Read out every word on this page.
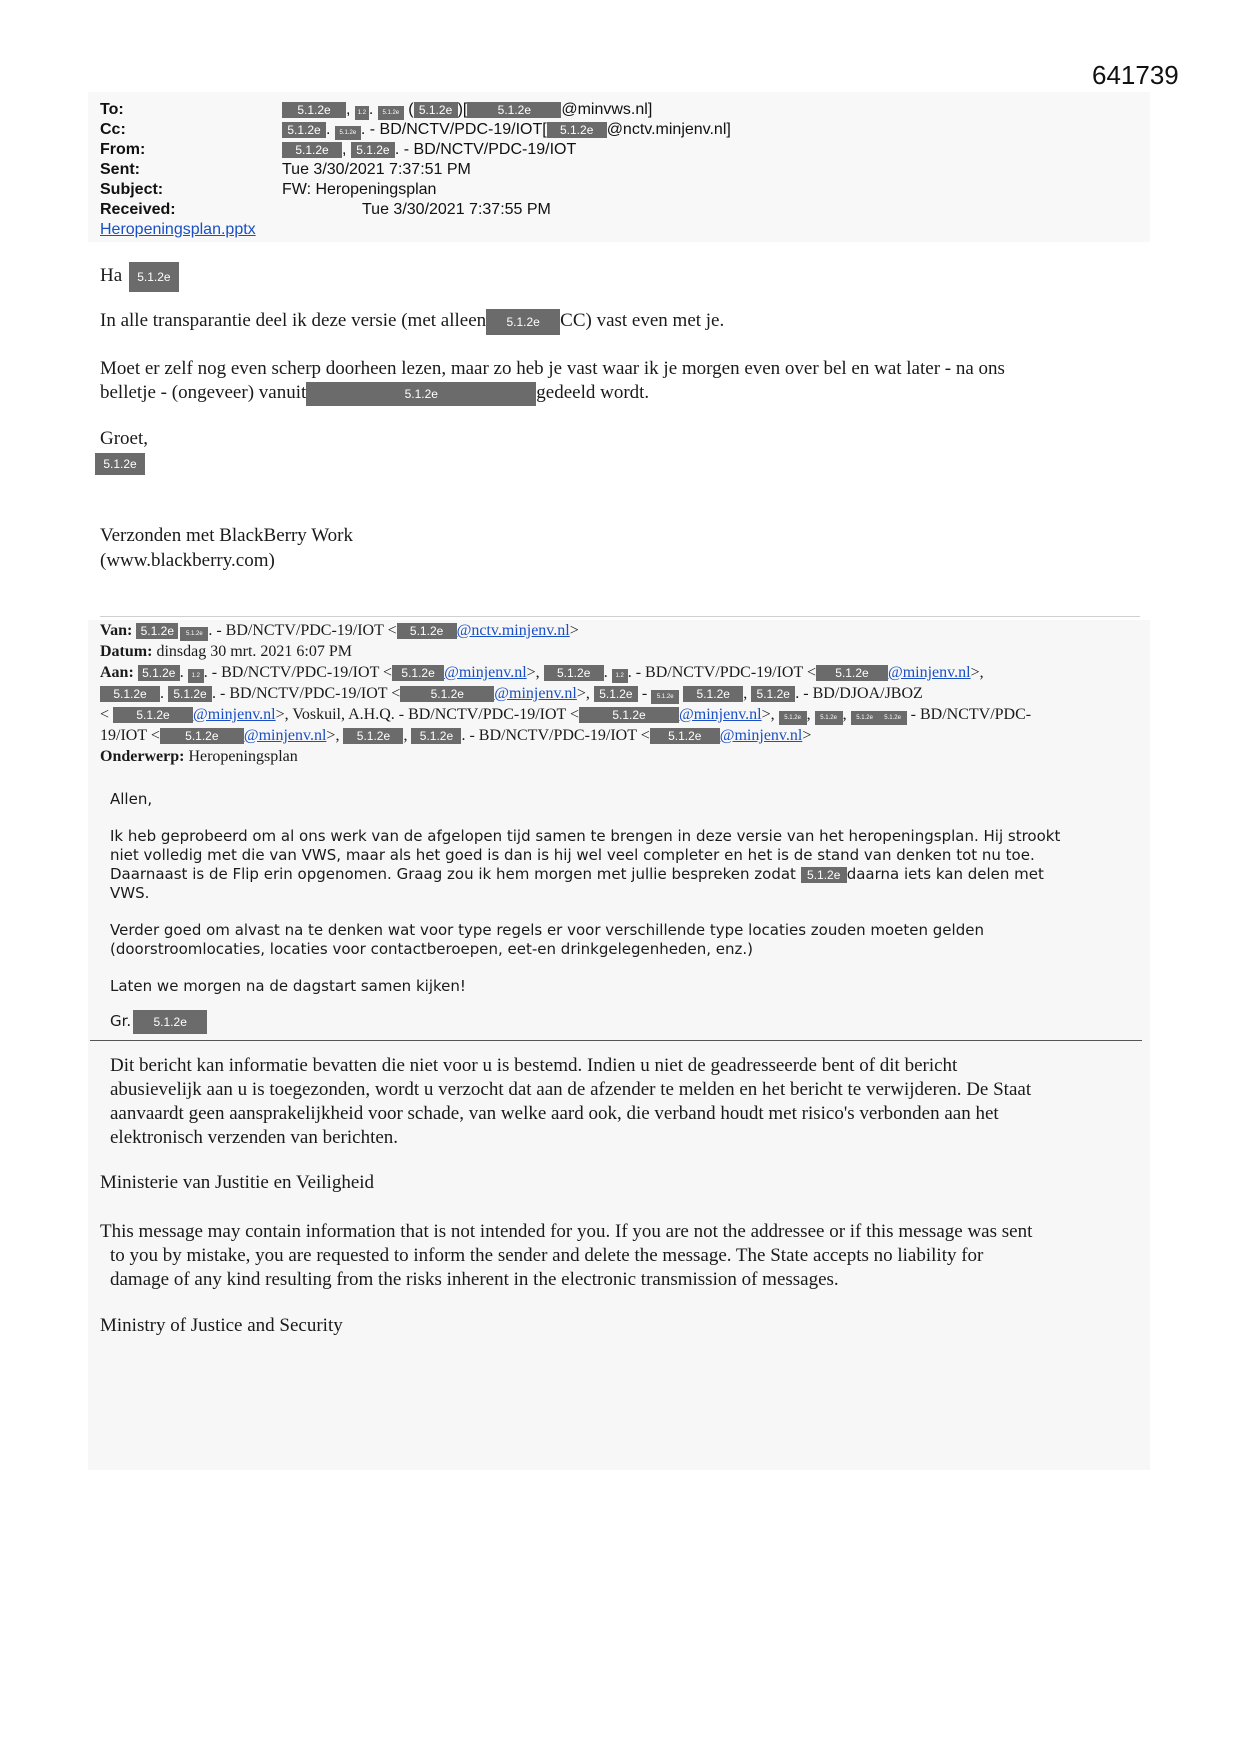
641739
To:	5.1.2e , 1.2 . 5.1.2e ( 5.1.2e )[	5.1.2e @minvws.nl]
Cc:	5.1.2e . 5.1.2e . - BD/NCTV/PDC-19/IOT[ 5.1.2e @nctv.minjenv.nl]
From:	5.1.2e , 5.1.2e . - BD/NCTV/PDC-19/IOT
Sent:	Tue 3/30/2021 7:37:51 PM
Subject:	FW: Heropeningsplan
Received:	Tue 3/30/2021 7:37:55 PM
Heropeningsplan.pptx
Ha 5.1.2e
In alle transparantie deel ik deze versie (met alleen 5.1.2e CC) vast even met je.
Moet er zelf nog even scherp doorheen lezen, maar zo heb je vast waar ik je morgen even over bel en wat later - na ons
belletje - (ongeveer) vanuit	5.1.2e	gedeeld wordt.
Groet,
5.1.2e
Verzonden met BlackBerry Work
(www.blackberry.com)
Van: 5.1.2e 5.1.2e . - BD/NCTV/PDC-19/IOT < 5.1.2e @nctv.minjenv.nl>
Datum: dinsdag 30 mrt. 2021 6:07 PM
Aan: 5.1.2e . 1.2 . - BD/NCTV/PDC-19/IOT < 5.1.2e @minjenv.nl>, 5.1.2e . 1.2 . - BD/NCTV/PDC-19/IOT < 5.1.2e @minjenv.nl>,
5.1.2e . 5.1.2e . - BD/NCTV/PDC-19/IOT <	5.1.2e @minjenv.nl>, 5.1.2e - 5.1.2e 5.1.2e , 5.1.2e . - BD/DJOA/JBOZ
< 5.1.2e @minjenv.nl>, Voskuil, A.H.Q. - BD/NCTV/PDC-19/IOT <	5.1.2e @minjenv.nl>, 5.1.2e , 5.1.2e , 5.1.2e 5.1.2e - BD/NCTV/PDC-
19/IOT < 5.1.2e @minjenv.nl>, 5.1.2e , 5.1.2e . - BD/NCTV/PDC-19/IOT < 5.1.2e @minjenv.nl>
Onderwerp: Heropeningsplan
Allen,
Ik heb geprobeerd om al ons werk van de afgelopen tijd samen te brengen in deze versie van het heropeningsplan. Hij strookt
niet volledig met die van VWS, maar als het goed is dan is hij wel veel completer en het is de stand van denken tot nu toe.
Daarnaast is de Flip erin opgenomen. Graag zou ik hem morgen met jullie bespreken zodat 5.1.2e daarna iets kan delen met
VWS.
Verder goed om alvast na te denken wat voor type regels er voor verschillende type locaties zouden moeten gelden
(doorstroomlocaties, locaties voor contactberoepen, eet-en drinkgelegenheden, enz.)
Laten we morgen na de dagstart samen kijken!
Gr. 5.1.2e
Dit bericht kan informatie bevatten die niet voor u is bestemd. Indien u niet de geadresseerde bent of dit bericht
abusievelijk aan u is toegezonden, wordt u verzocht dat aan de afzender te melden en het bericht te verwijderen. De Staat
aanvaardt geen aansprakelijkheid voor schade, van welke aard ook, die verband houdt met risico's verbonden aan het
elektronisch verzenden van berichten.
Ministerie van Justitie en Veiligheid
This message may contain information that is not intended for you. If you are not the addressee or if this message was sent
to you by mistake, you are requested to inform the sender and delete the message. The State accepts no liability for
damage of any kind resulting from the risks inherent in the electronic transmission of messages.
Ministry of Justice and Security
